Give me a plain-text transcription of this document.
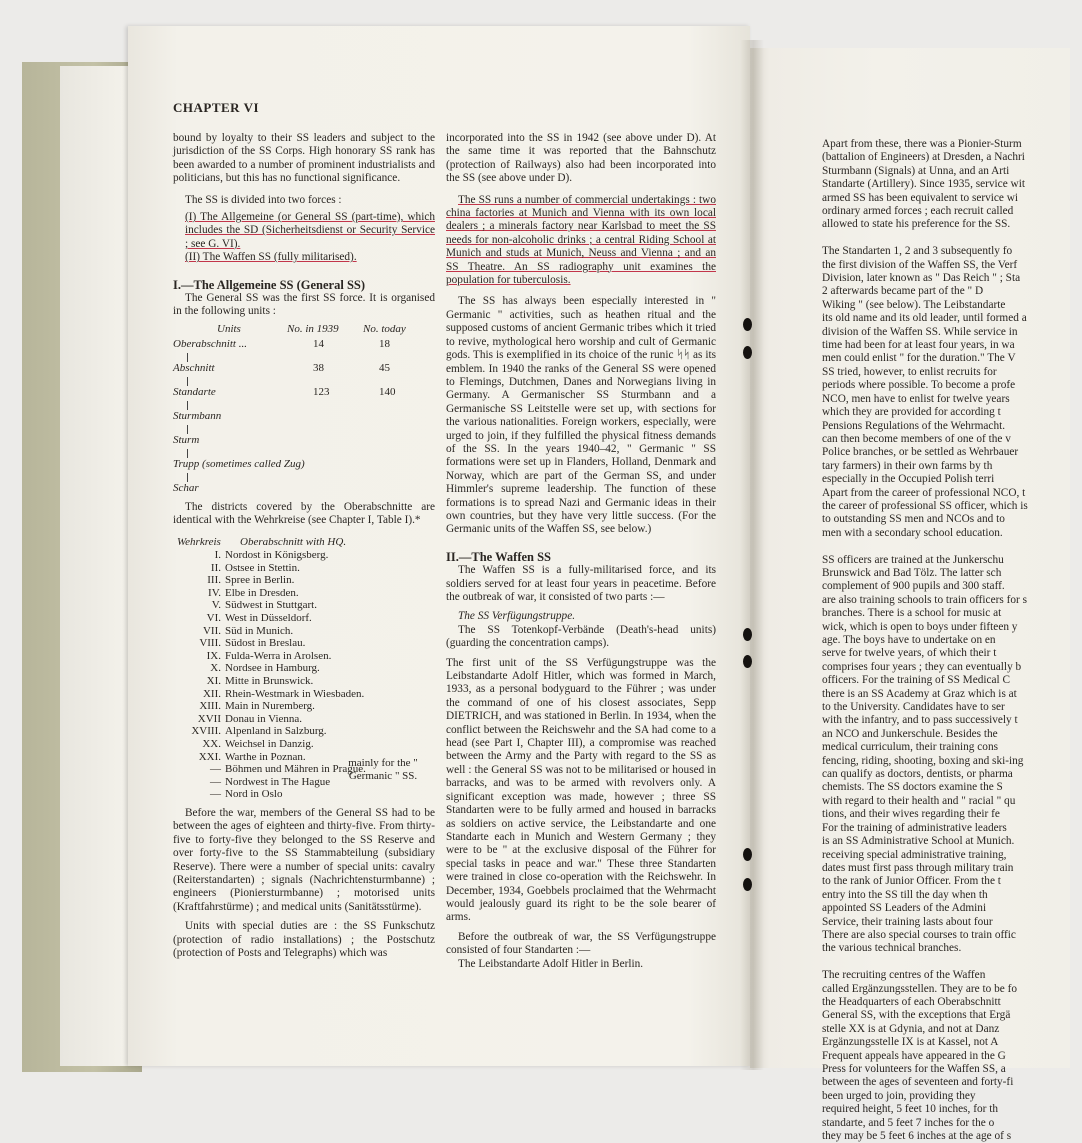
CHAPTER VI

bound by loyalty to their SS leaders and subject to the jurisdiction of the SS Corps. High honorary SS rank has been awarded to a number of prominent industrialists and politicians, but this has no functional significance.

The SS is divided into two forces :

(I) The Allgemeine (or General SS (part-time), which includes the SD (Sicherheitsdienst or Security Service ; see G. VI).

(II) The Waffen SS (fully militarised).

I.—The Allgemeine SS (General SS)

The General SS was the first SS force. It is organised in the following units :

Units	No. in 1939 No. today
Oberabschnitt ...	14	18
Abschnitt	38	45
Standarte	123	140
Sturmbann
Sturm
Trupp (sometimes called Zug)
Schar

The districts covered by the Oberabschnitte are identical with the Wehrkreise (see Chapter I, Table I).*

Wehrkreis Oberabschnitt with HQ.
I.	Nordost in Königsberg.
II.	Ostsee in Stettin.
III.	Spree in Berlin.
IV.	Elbe in Dresden.
V.	Südwest in Stuttgart.
VI.	West in Düsseldorf.
VII.	Süd in Munich.
VIII.	Südost in Breslau.
IX.	Fulda-Werra in Arolsen.
X.	Nordsee in Hamburg.
XI.	Mitte in Brunswick.
XII.	Rhein-Westmark in Wiesbaden.
XIII.	Main in Nuremberg.
XVII	Donau in Vienna.
XVIII.	Alpenland in Salzburg.
XX.	Weichsel in Danzig.
XXI.	Warthe in Poznan.
—	Böhmen und Mähren in Prague.
—	Nordwest in The Hague
—	Nord in Oslo
mainly for the " Germanic " SS.

Before the war, members of the General SS had to be between the ages of eighteen and thirty-five. From thirty-five to forty-five they belonged to the SS Reserve and over forty-five to the SS Stammabteilung (subsidiary Reserve). There were a number of special units: cavalry (Reiterstandarten) ; signals (Nachrichtensturmbanne) ; engineers (Pioniersturmbanne) ; motorised units (Kraftfahrstürme) ; and medical units (Sanitätsstürme).

Units with special duties are : the SS Funkschutz (protection of radio installations) ; the Postschutz (protection of Posts and Telegraphs) which was

incorporated into the SS in 1942 (see above under D). At the same time it was reported that the Bahnschutz (protection of Railways) also had been incorporated into the SS (see above under D).

The SS runs a number of commercial undertakings : two china factories at Munich and Vienna with its own local dealers ; a minerals factory near Karlsbad to meet the SS needs for non-alcoholic drinks ; a central Riding School at Munich and studs at Munich, Neuss and Vienna ; and an SS Theatre. An SS radiography unit examines the population for tuberculosis.

The SS has always been especially interested in " Germanic " activities, such as heathen ritual and the supposed customs of ancient Germanic tribes which it tried to revive, mythological hero worship and cult of Germanic gods. This is exemplified in its choice of the runic ᛋᛋ as its emblem. In 1940 the ranks of the General SS were opened to Flemings, Dutchmen, Danes and Norwegians living in Germany. A Germanischer SS Sturmbann and a Germanische SS Leitstelle were set up, with sections for the various nationalities. Foreign workers, especially, were urged to join, if they fulfilled the physical fitness demands of the SS. In the years 1940–42, " Germanic " SS formations were set up in Flanders, Holland, Denmark and Norway, which are part of the German SS, and under Himmler's supreme leadership. The function of these formations is to spread Nazi and Germanic ideas in their own countries, but they have very little success. (For the Germanic units of the Waffen SS, see below.)

II.—The Waffen SS

The Waffen SS is a fully-militarised force, and its soldiers served for at least four years in peacetime. Before the outbreak of war, it consisted of two parts :—

The SS Verfügungstruppe.

The SS Totenkopf-Verbände (Death's-head units) (guarding the concentration camps).

The first unit of the SS Verfügungstruppe was the Leibstandarte Adolf Hitler, which was formed in March, 1933, as a personal bodyguard to the Führer ; was under the command of one of his closest associates, Sepp DIETRICH, and was stationed in Berlin. In 1934, when the conflict between the Reichswehr and the SA had come to a head (see Part I, Chapter III), a compromise was reached between the Army and the Party with regard to the SS as well : the General SS was not to be militarised or housed in barracks, and was to be armed with revolvers only. A significant exception was made, however ; three SS Standarten were to be fully armed and housed in barracks as soldiers on active service, the Leibstandarte and one Standarte each in Munich and Western Germany ; they were to be " at the exclusive disposal of the Führer for special tasks in peace and war." These three Standarten were trained in close co-operation with the Reichswehr. In December, 1934, Goebbels proclaimed that the Wehrmacht would jealously guard its right to be the sole bearer of arms.

Before the outbreak of war, the SS Verfügungstruppe consisted of four Standarten :—

The Leibstandarte Adolf Hitler in Berlin.

Apart from these, there was a Pionier-Sturm

(battalion of Engineers) at Dresden, a Nachri

Sturmbann (Signals) at Unna, and an Arti

Standarte (Artillery). Since 1935, service wit

armed SS has been equivalent to service wi

ordinary armed forces ; each recruit called

allowed to state his preference for the SS.

The Standarten 1, 2 and 3 subsequently fo

the first division of the Waffen SS, the Verf

Division, later known as " Das Reich " ; Sta

2 afterwards became part of the " D

Wiking " (see below). The Leibstandarte

its old name and its old leader, until formed a

division of the Waffen SS. While service in

time had been for at least four years, in wa

men could enlist " for the duration." The V

SS tried, however, to enlist recruits for

periods where possible. To become a profe

NCO, men have to enlist for twelve years

which they are provided for according t

Pensions Regulations of the Wehrmacht.

can then become members of one of the v

Police branches, or be settled as Wehrbauer

tary farmers) in their own farms by th

especially in the Occupied Polish terri

Apart from the career of professional NCO, t

the career of professional SS officer, which is

to outstanding SS men and NCOs and to

men with a secondary school education.

SS officers are trained at the Junkerschu

Brunswick and Bad Tölz. The latter sch

complement of 900 pupils and 300 staff.

are also training schools to train officers for s

branches. There is a school for music at

wick, which is open to boys under fifteen y

age. The boys have to undertake on en

serve for twelve years, of which their t

comprises four years ; they can eventually b

officers. For the training of SS Medical C

there is an SS Academy at Graz which is at

to the University. Candidates have to ser

with the infantry, and to pass successively t

an NCO and Junkerschule. Besides the

medical curriculum, their training cons

fencing, riding, shooting, boxing and ski-ing

can qualify as doctors, dentists, or pharma

chemists. The SS doctors examine the S

with regard to their health and " racial " qu

tions, and their wives regarding their fe

For the training of administrative leaders

is an SS Administrative School at Munich.

receiving special administrative training,

dates must first pass through military train

to the rank of Junior Officer. From the t

entry into the SS till the day when th

appointed SS Leaders of the Admini

Service, their training lasts about four

There are also special courses to train offic

the various technical branches.

The recruiting centres of the Waffen

called Ergänzungsstellen. They are to be fo

the Headquarters of each Oberabschnitt

General SS, with the exceptions that Ergä

stelle XX is at Gdynia, and not at Danz

Ergänzungsstelle IX is at Kassel, not A

Frequent appeals have appeared in the G

Press for volunteers for the Waffen SS, a

between the ages of seventeen and forty-fi

been urged to join, providing they

required height, 5 feet 10 inches, for th

standarte, and 5 feet 7 inches for the o

they may be 5 feet 6 inches at the age of s
